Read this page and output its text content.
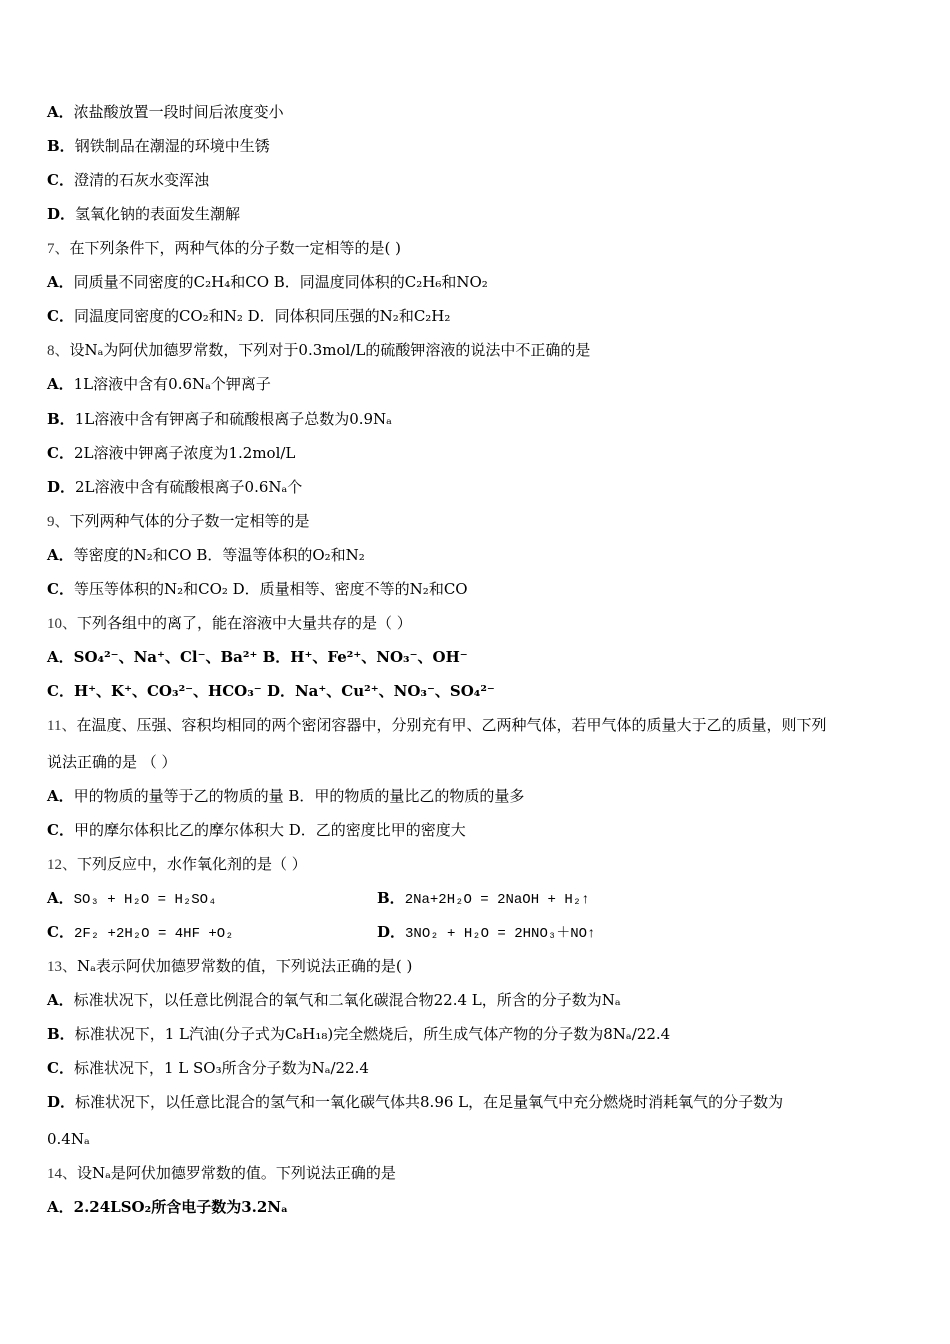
A．浓盐酸放置一段时间后浓度变小
B．钢铁制品在潮湿的环境中生锈
C．澄清的石灰水变浑浊
D．氢氧化钠的表面发生潮解
7、在下列条件下，两种气体的分子数一定相等的是( )
A．同质量不同密度的C₂H₄和CO B．同温度同体积的C₂H₆和NO₂
C．同温度同密度的CO₂和N₂ D．同体积同压强的N₂和C₂H₂
8、设Nₐ为阿伏加德罗常数，下列对于0.3mol/L的硫酸钾溶液的说法中不正确的是
A．1L溶液中含有0.6Nₐ个钾离子
B．1L溶液中含有钾离子和硫酸根离子总数为0.9Nₐ
C．2L溶液中钾离子浓度为1.2mol/L
D．2L溶液中含有硫酸根离子0.6Nₐ个
9、下列两种气体的分子数一定相等的是
A．等密度的N₂和CO B．等温等体积的O₂和N₂
C．等压等体积的N₂和CO₂ D．质量相等、密度不等的N₂和CO
10、下列各组中的离了，能在溶液中大量共存的是（ ）
A．SO₄²⁻、Na⁺、Cl⁻、Ba²⁺ B．H⁺、Fe²⁺、NO₃⁻、OH⁻
C．H⁺、K⁺、CO₃²⁻、HCO₃⁻ D．Na⁺、Cu²⁺、NO₃⁻、SO₄²⁻
11、在温度、压强、容积均相同的两个密闭容器中，分别充有甲、乙两种气体，若甲气体的质量大于乙的质量，则下列
说法正确的是 （ ）
A．甲的物质的量等于乙的物质的量 B．甲的物质的量比乙的物质的量多
C．甲的摩尔体积比乙的摩尔体积大 D．乙的密度比甲的密度大
12、下列反应中，水作氧化剂的是（ ）
A．SO₃ + H₂O = H₂SO₄	B．2Na+2H₂O = 2NaOH + H₂↑
C．2F₂ +2H₂O = 4HF +O₂	D．3NO₂ + H₂O = 2HNO₃＋NO↑
13、Nₐ表示阿伏加德罗常数的值，下列说法正确的是( )
A．标准状况下，以任意比例混合的氧气和二氧化碳混合物22.4 L，所含的分子数为Nₐ
B．标准状况下，1 L汽油(分子式为C₈H₁₈)完全燃烧后，所生成气体产物的分子数为8Nₐ/22.4
C．标准状况下，1 L SO₃所含分子数为Nₐ/22.4
D．标准状况下，以任意比混合的氢气和一氧化碳气体共8.96 L，在足量氧气中充分燃烧时消耗氧气的分子数为
0.4Nₐ
14、设Nₐ是阿伏加德罗常数的值。下列说法正确的是
A．2.24LSO₂所含电子数为3.2Nₐ
